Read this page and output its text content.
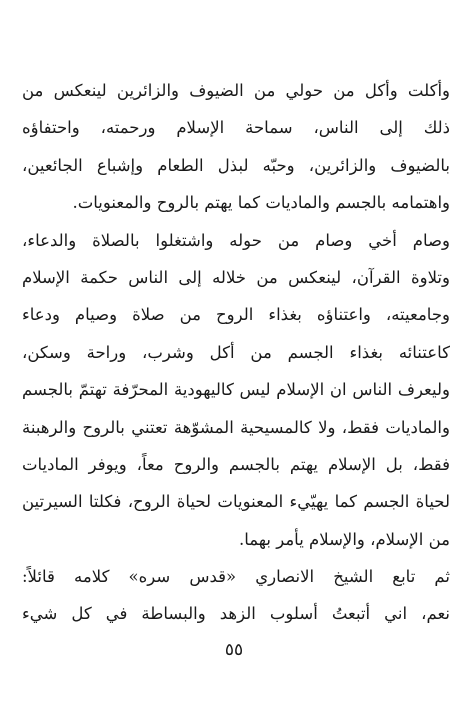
وأكلت وأكل من حولي من الضيوف والزائرين لينعكس من
ذلك إلى الناس، سماحة الإسلام ورحمته، واحتفاؤه
بالضيوف والزائرين، وحبّه لبذل الطعام وإشباع الجائعين،
واهتمامه بالجسم والماديات كما يهتم بالروح والمعنويات.
وصام أخي وصام من حوله واشتغلوا بالصلاة والدعاء،
وتلاوة القرآن، لينعكس من خلاله إلى الناس حكمة الإسلام
وجامعيته، واعتناؤه بغذاء الروح من صلاة وصيام ودعاء
كاعتنائه بغذاء الجسم من أكل وشرب، وراحة وسكن،
وليعرف الناس ان الإسلام ليس كاليهودية المحرّفة تهتمّ بالجسم
والماديات فقط، ولا كالمسيحية المشوّهة تعتني بالروح والرهبنة
فقط، بل الإسلام يهتم بالجسم والروح معاً، ويوفر الماديات
لحياة الجسم كما يهيّيء المعنويات لحياة الروح، فكلتا السيرتين
من الإسلام، والإسلام يأمر بهما.
ثم تابع الشيخ الانصاري «قدس سره» كلامه قائلاً:
نعم، اني أتبعتُ أسلوب الزهد والبساطة في كل شيء
٥٥
